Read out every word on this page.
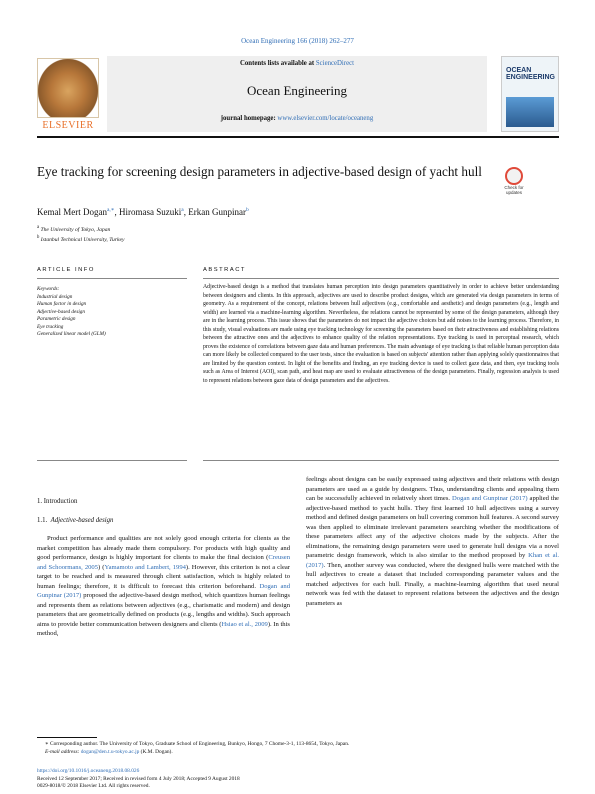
Ocean Engineering 166 (2018) 262–277
ELSEVIER
Contents lists available at ScienceDirect
Ocean Engineering
journal homepage: www.elsevier.com/locate/oceaneng
OCEAN ENGINEERING
Eye tracking for screening design parameters in adjective-based design of yacht hull
Check for updates
Kemal Mert Dogan$^{a,∗}$, Hiromasa Suzuki$^a$, Erkan Gunpinar$^b$
$^a$ The University of Tokyo, Japan
$^b$ Istanbul Technical University, Turkey
ARTICLE INFO	ABSTRACT
Keywords:
Industrial design
Human factor in design
Adjective-based design
Parametric design
Eye tracking
Generalized linear model (GLM)
Adjective-based design is a method that translates human perception into design parameters quantitatively in order to achieve better understanding between designers and clients. In this approach, adjectives are used to describe product designs, which are generated via design parameters in terms of geometry. As a requirement of the concept, relations between hull adjectives (e.g., comfortable and aesthetic) and design parameters (e.g., length and width) are learned via a machine-learning algorithm. Nevertheless, the relations cannot be represented by some of the design parameters, although they are in the learning process. This issue shows that the parameters do not impact the adjective choices but add noises to the learning process. Therefore, in this study, visual evaluations are made using eye tracking technology for screening the parameters based on their attractiveness and establishing relations between the attractive ones and the adjectives to enhance quality of the relation representations. Eye tracking is used in perceptual research, which proves the existence of correlations between gaze data and human preferences. The main advantage of eye tracking is that reliable human perception data can more likely be collected compared to the user tests, since the evaluation is based on subjects' attention rather than applying solely questionnaires that are limited by the question context. In light of the benefits and finding, an eye tracking device is used to collect gaze data, and then, eye tracking tools such as Area of Interest (AOI), scan path, and heat map are used to evaluate attractiveness of the design parameters. Finally, regression analysis is used to represent relations between gaze data of design parameters and the adjectives.
1. Introduction
1.1. Adjective-based design

Product performance and qualities are not solely good enough criteria for clients as the market competition has already made them compulsory. For products with high quality and good performance, design is highly important for clients to make the final decision (Creusen and Schoormans, 2005) (Yamamoto and Lambert, 1994). However, this criterion is not a clear target to be reached and is measured through client satisfaction, which is highly related to human feelings; therefore, it is difficult to forecast this criterion beforehand. Dogan and Gunpinar (2017) proposed the adjective-based design method, which quantizes human feelings and represents them as relations between adjectives (e.g., charismatic and modern) and design parameters that are geometrically defined on products (e.g., lengths and widths). Such approach aims to provide better communication between designers and clients (Hsiao et al., 2009). In this method,

feelings about designs can be easily expressed using adjectives and their relations with design parameters are used as a guide by designers. Thus, understanding clients and appealing them can be successfully achieved in relatively short times. Dogan and Gunpinar (2017) applied the adjective-based method to yacht hulls. They first learned 10 hull adjectives using a survey method and defined design parameters on hull covering common hull features. A second survey was then applied to eliminate irrelevant parameters searching whether the modifications of these parameters affect any of the adjective choices made by the subjects. After the eliminations, the remaining design parameters were used to generate hull designs via a novel parametric design framework, which is also similar to the method proposed by Khan et al. (2017). Then, another survey was conducted, where the designed hulls were matched with the hull adjectives to create a dataset that included corresponding parameter values and the matched adjectives for each hull. Finally, a machine-learning algorithm that used neural network was fed with the dataset to represent relations between the adjectives and the design parameters as

∗ Corresponding author. The University of Tokyo, Graduate School of Engineering, Bunkyo, Hongo, 7 Chome-3-1, 113-8654, Tokyo, Japan.
E-mail address: dogan@den.t.u-tokyo.ac.jp (K.M. Dogan).
https://doi.org/10.1016/j.oceaneng.2018.08.026
Received 12 September 2017; Received in revised form 4 July 2018; Accepted 9 August 2018
0029-8018/© 2018 Elsevier Ltd. All rights reserved.
